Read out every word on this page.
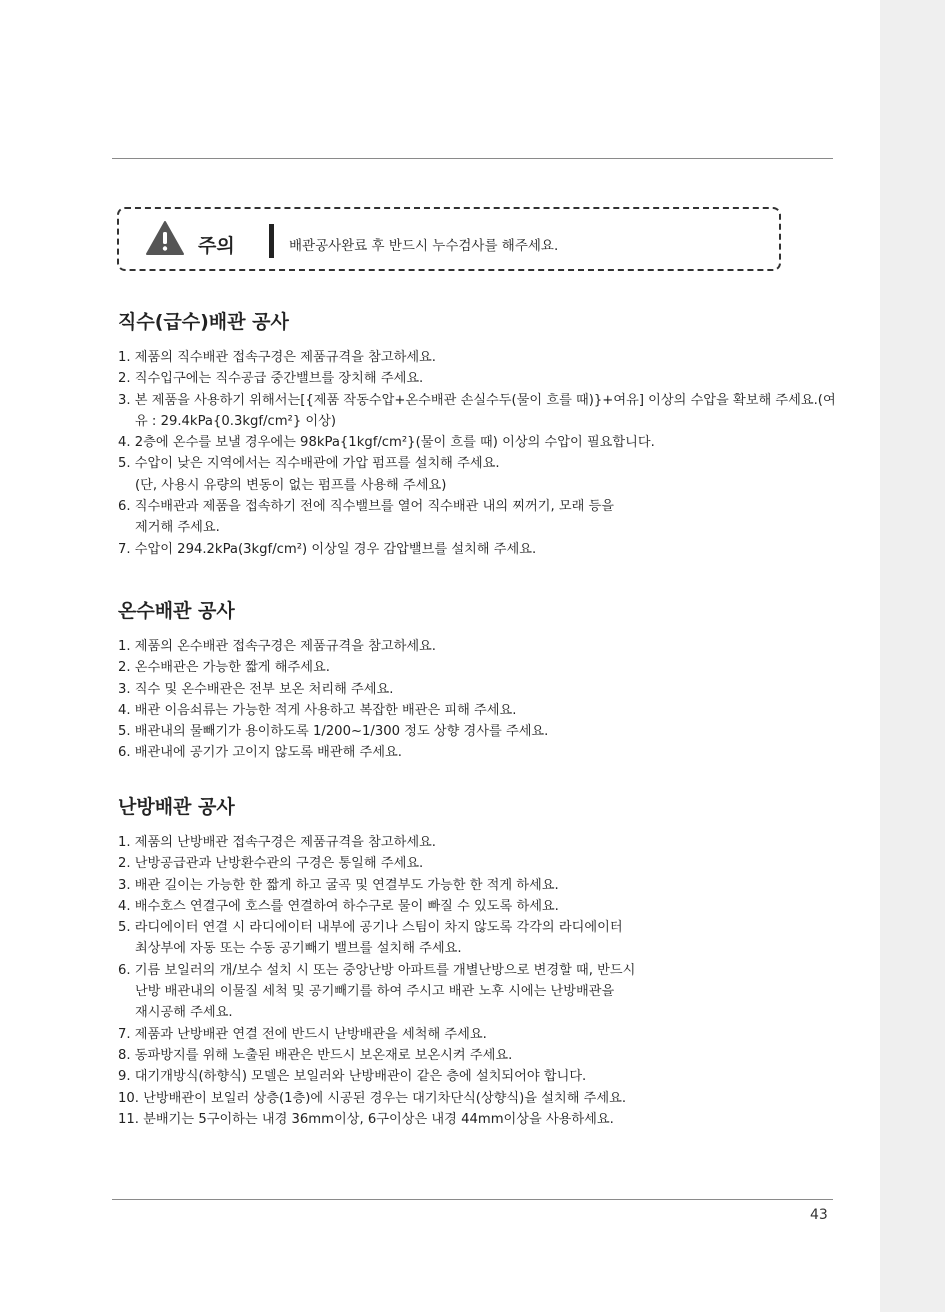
주의	배관공사완료 후 반드시 누수검사를 해주세요.
직수(급수)배관 공사
1. 제품의 직수배관 접속구경은 제품규격을 참고하세요.
2. 직수입구에는 직수공급 중간밸브를 장치해 주세요.
3. 본 제품을 사용하기 위해서는[{제품 작동수압+온수배관 손실수두(물이 흐를 때)}+여유] 이상의 수압을 확보해 주세요.(여유 : 29.4kPa{0.3kgf/cm²} 이상)
4. 2층에 온수를 보낼 경우에는 98kPa{1kgf/cm²}(물이 흐를 때) 이상의 수압이 필요합니다.
5. 수압이 낮은 지역에서는 직수배관에 가압 펌프를 설치해 주세요.
(단, 사용시 유량의 변동이 없는 펌프를 사용해 주세요)
6. 직수배관과 제품을 접속하기 전에 직수밸브를 열어 직수배관 내의 찌꺼기, 모래 등을
제거해 주세요.
7. 수압이 294.2kPa(3kgf/cm²) 이상일 경우 감압밸브를 설치해 주세요.
온수배관 공사
1. 제품의 온수배관 접속구경은 제품규격을 참고하세요.
2. 온수배관은 가능한 짧게 해주세요.
3. 직수 및 온수배관은 전부 보온 처리해 주세요.
4. 배관 이음쇠류는 가능한 적게 사용하고 복잡한 배관은 피해 주세요.
5. 배관내의 물빼기가 용이하도록 1/200~1/300 정도 상향 경사를 주세요.
6. 배관내에 공기가 고이지 않도록 배관해 주세요.
난방배관 공사
1. 제품의 난방배관 접속구경은 제품규격을 참고하세요.
2. 난방공급관과 난방환수관의 구경은 통일해 주세요.
3. 배관 길이는 가능한 한 짧게 하고 굴곡 및 연결부도 가능한 한 적게 하세요.
4. 배수호스 연결구에 호스를 연결하여 하수구로 물이 빠질 수 있도록 하세요.
5. 라디에이터 연결 시 라디에이터 내부에 공기나 스팀이 차지 않도록 각각의 라디에이터
최상부에 자동 또는 수동 공기빼기 밸브를 설치해 주세요.
6. 기름 보일러의 개/보수 설치 시 또는 중앙난방 아파트를 개별난방으로 변경할 때, 반드시
난방 배관내의 이물질 세척 및 공기빼기를 하여 주시고 배관 노후 시에는 난방배관을
재시공해 주세요.
7. 제품과 난방배관 연결 전에 반드시 난방배관을 세척해 주세요.
8. 동파방지를 위해 노출된 배관은 반드시 보온재로 보온시켜 주세요.
9. 대기개방식(하향식) 모델은 보일러와 난방배관이 같은 층에 설치되어야 합니다.
10. 난방배관이 보일러 상층(1층)에 시공된 경우는 대기차단식(상향식)을 설치해 주세요.
11. 분배기는 5구이하는 내경 36mm이상, 6구이상은 내경 44mm이상을 사용하세요.
43
